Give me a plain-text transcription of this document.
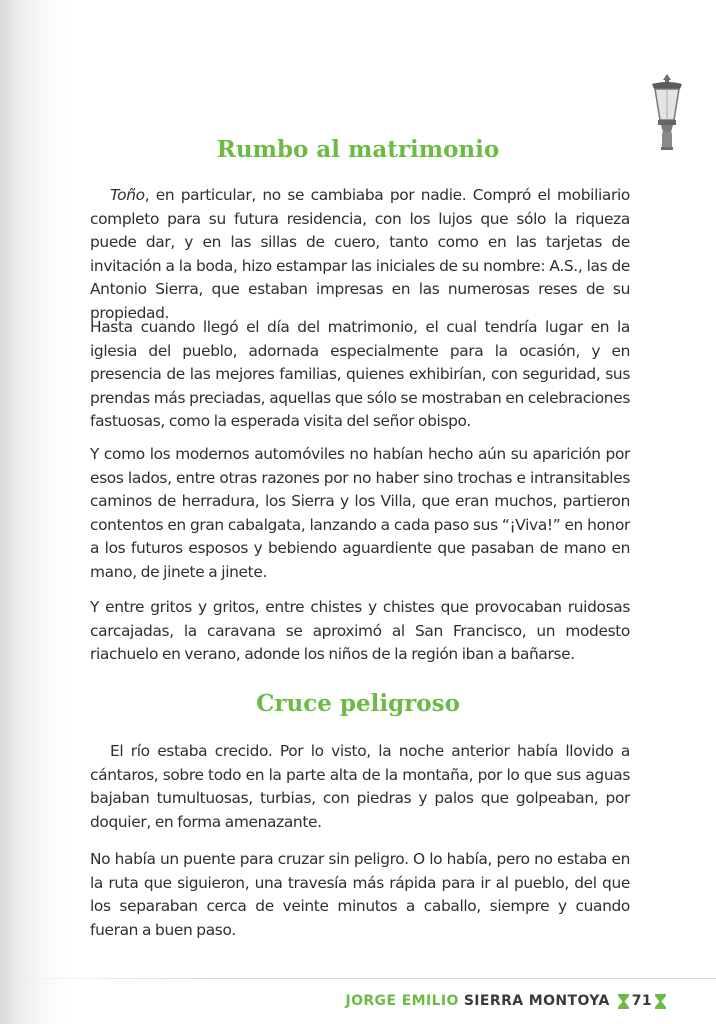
Rumbo al matrimonio

Toño, en particular, no se cambiaba por nadie. Compró el mobiliario completo para su futura residencia, con los lujos que sólo la riqueza puede dar, y en las sillas de cuero, tanto como en las tarjetas de invitación a la boda, hizo estampar las iniciales de su nombre: A.S., las de Antonio Sierra, que estaban impresas en las numerosas reses de su propiedad.

Hasta cuando llegó el día del matrimonio, el cual tendría lugar en la iglesia del pueblo, adornada especialmente para la ocasión, y en presencia de las mejores familias, quienes exhibirían, con seguridad, sus prendas más preciadas, aquellas que sólo se mostraban en celebraciones fastuosas, como la esperada visita del señor obispo.

Y como los modernos automóviles no habían hecho aún su aparición por esos lados, entre otras razones por no haber sino trochas e intransitables caminos de herradura, los Sierra y los Villa, que eran muchos, partieron contentos en gran cabalgata, lanzando a cada paso sus “¡Viva!” en honor a los futuros esposos y bebiendo aguardiente que pasaban de mano en mano, de jinete a jinete.

Y entre gritos y gritos, entre chistes y chistes que provocaban ruidosas carcajadas, la caravana se aproximó al San Francisco, un modesto riachuelo en verano, adonde los niños de la región iban a bañarse.

Cruce peligroso

El río estaba crecido. Por lo visto, la noche anterior había llovido a cántaros, sobre todo en la parte alta de la montaña, por lo que sus aguas bajaban tumultuosas, turbias, con piedras y palos que golpeaban, por doquier, en forma amenazante.

No había un puente para cruzar sin peligro. O lo había, pero no estaba en la ruta que siguieron, una travesía más rápida para ir al pueblo, del que los separaban cerca de veinte minutos a caballo, siempre y cuando fueran a buen paso.

JORGE EMILIO SIERRA MONTOYA 71
